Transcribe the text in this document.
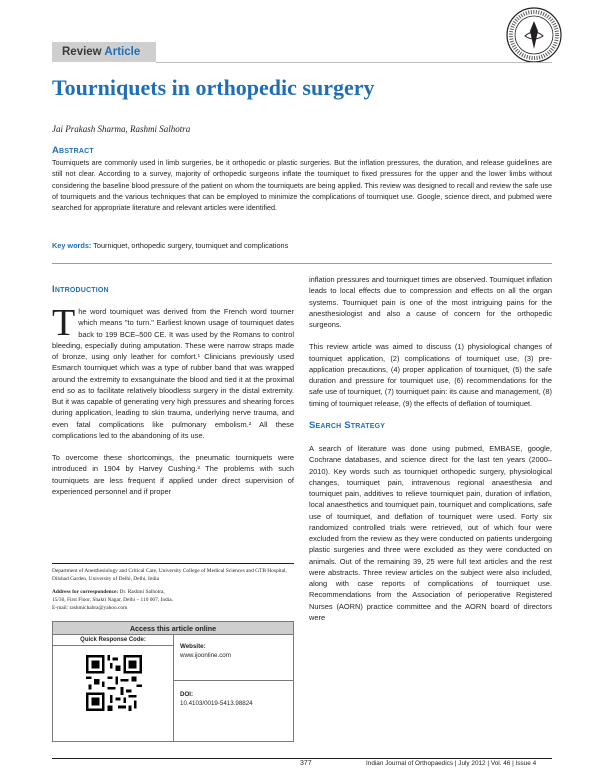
Review Article
Tourniquets in orthopedic surgery
Jai Prakash Sharma, Rashmi Salhotra
Abstract

Tourniquets are commonly used in limb surgeries, be it orthopedic or plastic surgeries. But the inflation pressures, the duration, and release guidelines are still not clear. According to a survey, majority of orthopedic surgeons inflate the tourniquet to fixed pressures for the upper and the lower limbs without considering the baseline blood pressure of the patient on whom the tourniquets are being applied. This review was designed to recall and review the safe use of tourniquets and the various techniques that can be employed to minimize the complications of tourniquet use. Google, science direct, and pubmed were searched for appropriate literature and relevant articles were identified.

Key words: Tourniquet, orthopedic surgery, tourniquet and complications
Introduction

The word tourniquet was derived from the French word tourner which means "to turn." Earliest known usage of tourniquet dates back to 199 BCE–500 CE. It was used by the Romans to control bleeding, especially during amputation. These were narrow straps made of bronze, using only leather for comfort.¹ Clinicians previously used Esmarch tourniquet which was a type of rubber band that was wrapped around the extremity to exsanguinate the blood and tied it at the proximal end so as to facilitate relatively bloodless surgery in the distal extremity. But it was capable of generating very high pressures and shearing forces during application, leading to skin trauma, underlying nerve trauma, and even fatal complications like pulmonary embolism.² All these complications led to the abandoning of its use.

To overcome these shortcomings, the pneumatic tourniquets were introduced in 1904 by Harvey Cushing.³ The problems with such tourniquets are less frequent if applied under direct supervision of experienced personnel and if proper

inflation pressures and tourniquet times are observed. Tourniquet inflation leads to local effects due to compression and effects on all the organ systems. Tourniquet pain is one of the most intriguing pains for the anesthesiologist and also a cause of concern for the orthopedic surgeons.

This review article was aimed to discuss (1) physiological changes of tourniquet application, (2) complications of tourniquet use, (3) pre-application precautions, (4) proper application of tourniquet, (5) the safe duration and pressure for tourniquet use, (6) recommendations for the safe use of tourniquet, (7) tourniquet pain: its cause and management, (8) timing of tourniquet release, (9) the effects of deflation of tourniquet.

Search Strategy

A search of literature was done using pubmed, EMBASE, google, Cochrane databases, and science direct for the last ten years (2000–2010). Key words such as tourniquet orthopedic surgery, physiological changes, tourniquet pain, intravenous regional anaesthesia and tourniquet pain, additives to relieve tourniquet pain, duration of inflation, local anaesthetics and tourniquet pain, tourniquet and complications, safe use of tourniquet, and deflation of tourniquet were used. Forty six randomized controlled trials were retrieved, out of which four were excluded from the review as they were conducted on patients undergoing plastic surgeries and three were excluded as they were conducted on animals. Out of the remaining 39, 25 were full text articles and the rest were abstracts. Three review articles on the subject were also included, along with case reports of complications of tourniquet use. Recommendations from the Association of perioperative Registered Nurses (AORN) practice committee and the AORN board of directors were

Department of Anesthesiology and Critical Care, University College of Medical Sciences and GTB Hospital, Dilshad Garden, University of Delhi, Delhi, India
Address for correspondence: Dr. Rashmi Salhotra,
15/30, First Floor, Shakti Nagar, Delhi – 110 007, India.
E-mail: rashmichabra@yahoo.com
Access this article online
Quick Response Code:
Website:
www.ijoonline.com
DOI:
10.4103/0019-5413.98824
377	Indian Journal of Orthopaedics | July 2012 | Vol. 46 | Issue 4
